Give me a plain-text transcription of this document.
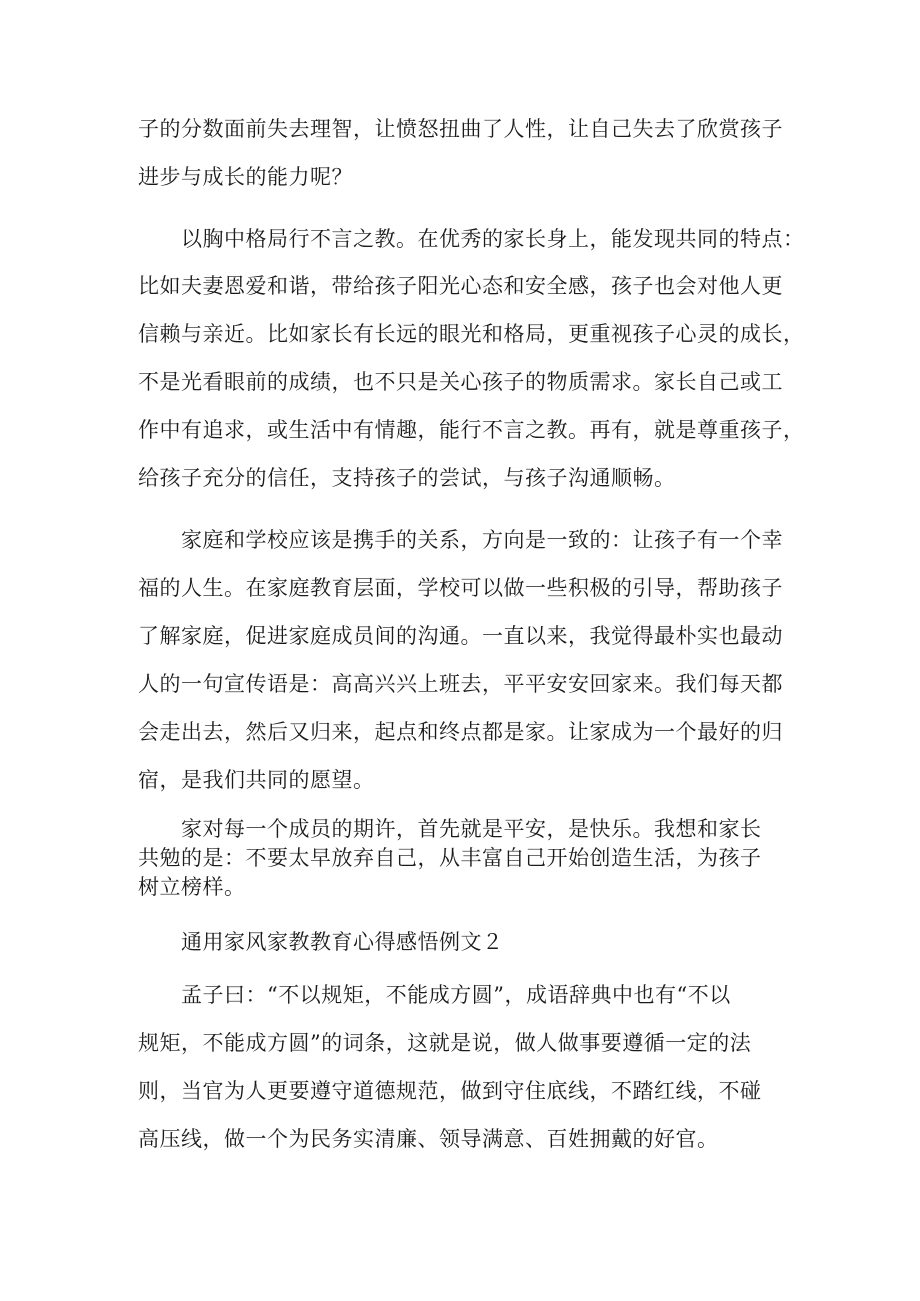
子的分数面前失去理智，让愤怒扭曲了人性，让自己失去了欣赏孩子

进步与成长的能力呢？

　　以胸中格局行不言之教。在优秀的家长身上，能发现共同的特点：

比如夫妻恩爱和谐，带给孩子阳光心态和安全感，孩子也会对他人更

信赖与亲近。比如家长有长远的眼光和格局，更重视孩子心灵的成长，

不是光看眼前的成绩，也不只是关心孩子的物质需求。家长自己或工

作中有追求，或生活中有情趣，能行不言之教。再有，就是尊重孩子，

给孩子充分的信任，支持孩子的尝试，与孩子沟通顺畅。

　　家庭和学校应该是携手的关系，方向是一致的：让孩子有一个幸

福的人生。在家庭教育层面，学校可以做一些积极的引导，帮助孩子

了解家庭，促进家庭成员间的沟通。一直以来，我觉得最朴实也最动

人的一句宣传语是：高高兴兴上班去，平平安安回家来。我们每天都

会走出去，然后又归来，起点和终点都是家。让家成为一个最好的归

宿，是我们共同的愿望。

　　家对每一个成员的期许，首先就是平安，是快乐。我想和家长

共勉的是：不要太早放弃自己，从丰富自己开始创造生活，为孩子

树立榜样。

　　通用家风家教教育心得感悟例文２

　　孟子曰：“不以规矩，不能成方圆”，成语辞典中也有“不以

规矩，不能成方圆”的词条，这就是说，做人做事要遵循一定的法

则，当官为人更要遵守道德规范，做到守住底线，不踏红线，不碰

高压线，做一个为民务实清廉、领导满意、百姓拥戴的好官。
